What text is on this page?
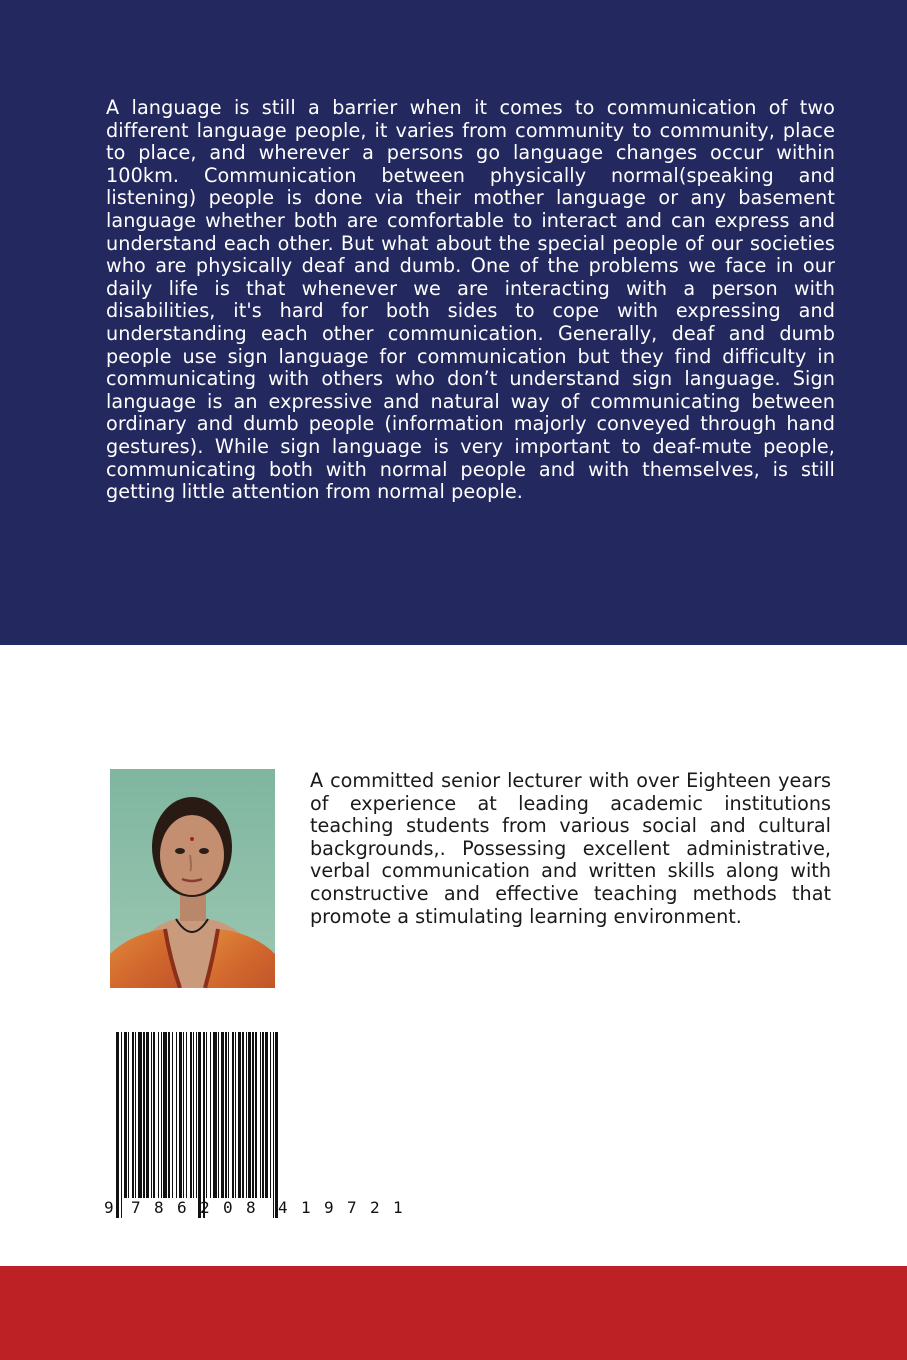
A language is still a barrier when it comes to communication of two different language people, it varies from community to community, place to place, and wherever a persons go language changes occur within 100km. Communication between physically normal(speaking and listening) people is done via their mother language or any basement language whether both are comfortable to interact and can express and understand each other. But what about the special people of our societies who are physically deaf and dumb. One of the problems we face in our daily life is that whenever we are interacting with a person with disabilities, it's hard for both sides to cope with expressing and understanding each other communication. Generally, deaf and dumb people use sign language for communication but they find difficulty in communicating with others who don’t understand sign language. Sign language is an expressive and natural way of communicating between ordinary and dumb people (information majorly conveyed through hand gestures). While sign language is very important to deaf-mute people, communicating both with normal people and with themselves, is still getting little attention from normal people.

A committed senior lecturer with over Eighteen years of experience at leading academic institutions teaching students from various social and cultural backgrounds,. Possessing excellent administrative, verbal communication and written skills along with constructive and effective teaching methods that promote a stimulating learning environment.

9 7 8 6 2 0 8 4 1 9 7 2 1
